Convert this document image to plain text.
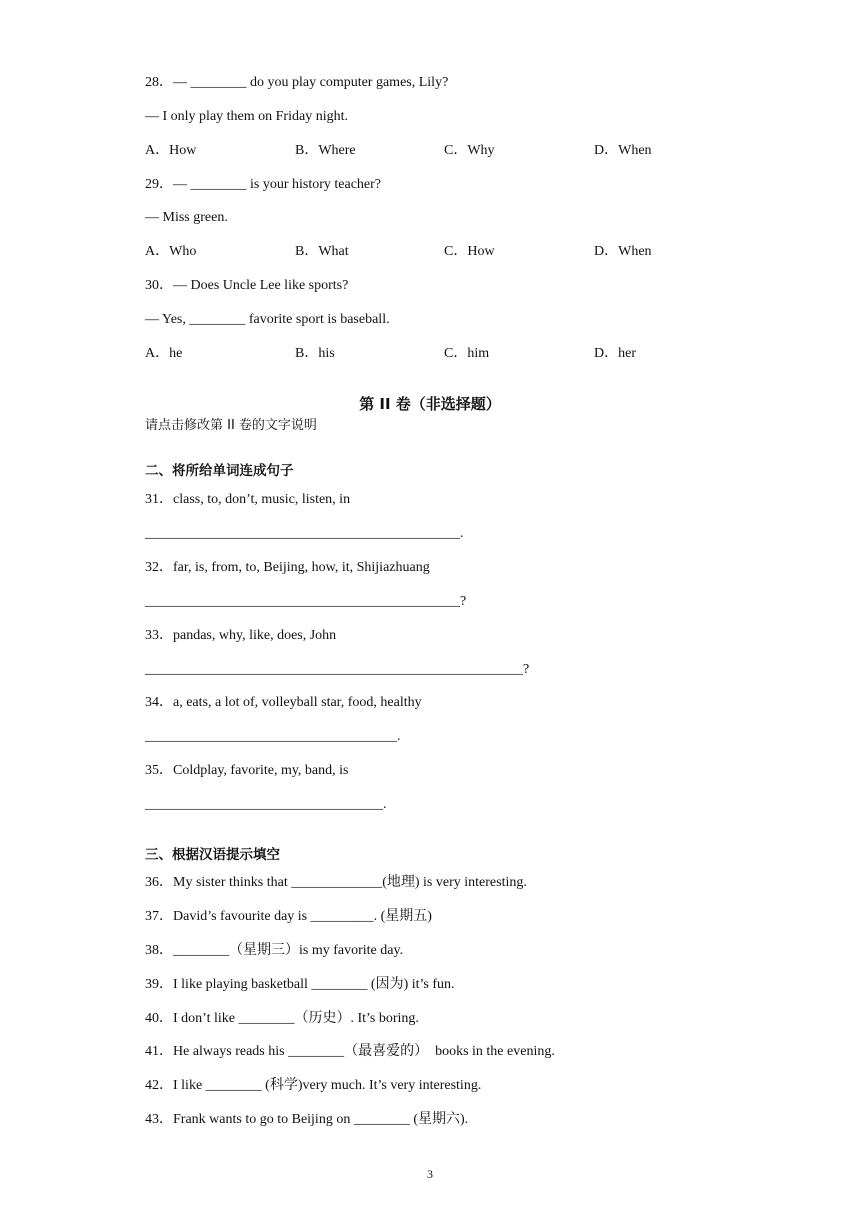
28．— ________ do you play computer games, Lily?
— I only play them on Friday night.
A．How	B．Where	C．Why	D．When
29．— ________ is your history teacher?
— Miss green.
A．Who	B．What	C．How	D．When
30．— Does Uncle Lee like sports?
— Yes, ________ favorite sport is baseball.
A．he	B．his	C．him	D．her
第 II 卷（非选择题）
请点击修改第 II 卷的文字说明
二、将所给单词连成句子
31．class, to, don’t, music, listen, in
_____________________________________________.
32．far, is, from, to, Beijing, how, it, Shijiazhuang
_____________________________________________?
33．pandas, why, like, does, John
______________________________________________________?
34．a, eats, a lot of, volleyball star, food, healthy
____________________________________.
35．Coldplay, favorite, my, band, is
__________________________________.
三、根据汉语提示填空
36．My sister thinks that _____________(地理) is very interesting.
37．David’s favourite day is _________. (星期五)
38．________（星期三）is my favorite day.
39．I like playing basketball ________ (因为) it’s fun.
40．I don’t like ________（历史）. It’s boring.
41．He always reads his ________（最喜爱的）  books in the evening.
42．I like ________ (科学)very much. It’s very interesting.
43．Frank wants to go to Beijing on ________ (星期六).
3
